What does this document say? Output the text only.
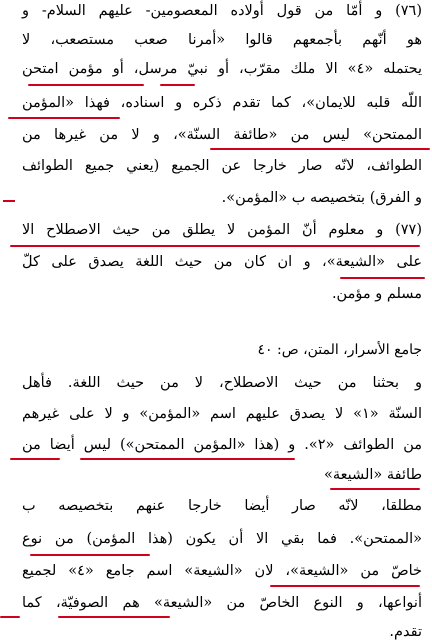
(٧٦) و أمّا من قول أولاده المعصومين- عليهم السلام- و
هو أنّهم بأجمعهم قالوا «أمرنا صعب مستصعب، لا
يحتمله «٤» الا ملك مقرّب، أو نبيّ مرسل، أو مؤمن امتحن
اللّه قلبه للايمان»، كما تقدم ذكره و اسناده، فهذا «المؤمن
الممتحن» ليس من «طائفة السنّة»، و لا من غيرها من
الطوائف، لانّه صار خارجا عن الجميع (يعني جميع الطوائف
و الفرق) بتخصيصه ب «المؤمن».
(٧٧) و معلوم أنّ المؤمن لا يطلق من حيث الاصطلاح الا
على «الشيعة»، و ان كان من حيث اللغة يصدق على كلّ
مسلم و مؤمن.
جامع الأسرار، المتن، ص: ٤٠
و بحثنا من حيث الاصطلاح، لا من حيث اللغة. فأهل
السنّة «١» لا يصدق عليهم اسم «المؤمن» و لا على غيرهم
من الطوائف «٢». و (هذا «المؤمن الممتحن») ليس أيضا من
طائفة «الشيعة»
مطلقا، لانّه صار أيضا خارجا عنهم بتخصيصه ب
«الممتحن». فما بقي الا أن يكون (هذا المؤمن) من نوع
خاصّ من «الشيعة»، لان «الشيعة» اسم جامع «٤» لجميع
أنواعها، و النوع الخاصّ من «الشيعة» هم الصوفيّة، كما
تقدم.
